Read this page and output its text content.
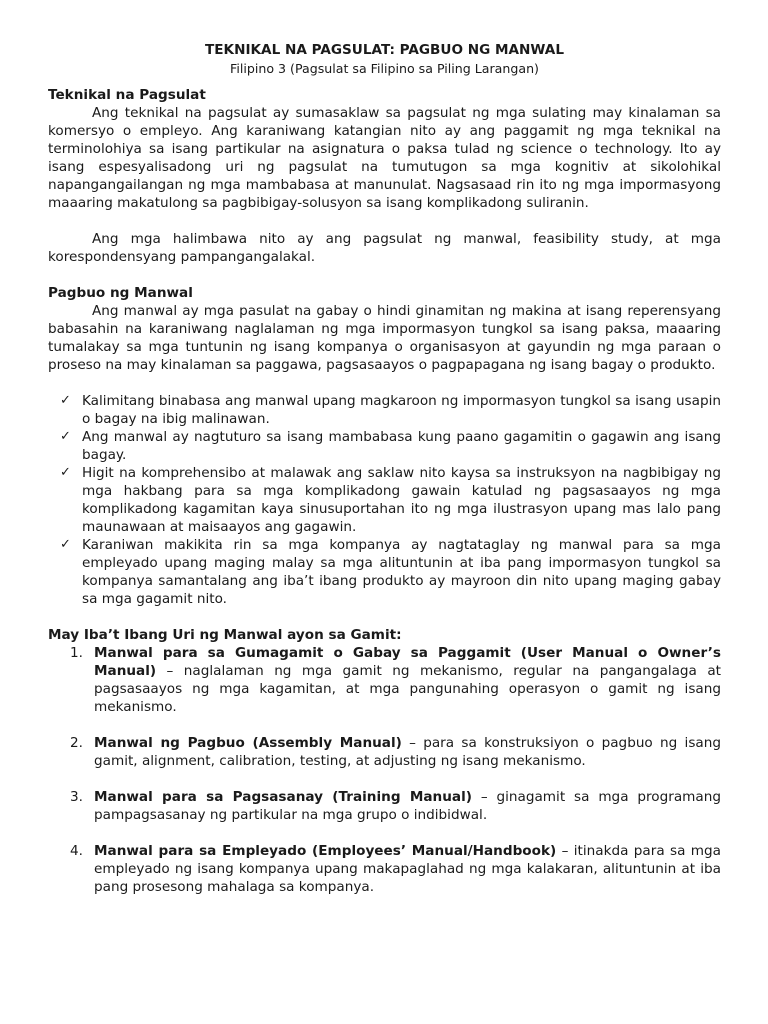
TEKNIKAL NA PAGSULAT: PAGBUO NG MANWAL

Filipino 3 (Pagsulat sa Filipino sa Piling Larangan)

Teknikal na Pagsulat

Ang teknikal na pagsulat ay sumasaklaw sa pagsulat ng mga sulating may kinalaman sa komersyo o empleyo. Ang karaniwang katangian nito ay ang paggamit ng mga teknikal na terminolohiya sa isang partikular na asignatura o paksa tulad ng science o technology. Ito ay isang espesyalisadong uri ng pagsulat na tumutugon sa mga kognitiv at sikolohikal napangangailangan ng mga mambabasa at manunulat. Nagsasaad rin ito ng mga impormasyong maaaring makatulong sa pagbibigay-solusyon sa isang komplikadong suliranin.

Ang mga halimbawa nito ay ang pagsulat ng manwal, feasibility study, at mga korespondensyang pampangangalakal.

Pagbuo ng Manwal

Ang manwal ay mga pasulat na gabay o hindi ginamitan ng makina at isang reperensyang babasahin na karaniwang naglalaman ng mga impormasyon tungkol sa isang paksa, maaaring tumalakay sa mga tuntunin ng isang kompanya o organisasyon at gayundin ng mga paraan o proseso na may kinalaman sa paggawa, pagsasaayos o pagpapagana ng isang bagay o produkto.

✓ Kalimitang binabasa ang manwal upang magkaroon ng impormasyon tungkol sa isang usapin o bagay na ibig malinawan.
✓ Ang manwal ay nagtuturo sa isang mambabasa kung paano gagamitin o gagawin ang isang bagay.
✓ Higit na komprehensibo at malawak ang saklaw nito kaysa sa instruksyon na nagbibigay ng mga hakbang para sa mga komplikadong gawain katulad ng pagsasaayos ng mga komplikadong kagamitan kaya sinusuportahan ito ng mga ilustrasyon upang mas lalo pang maunawaan at maisaayos ang gagawin.
✓ Karaniwan makikita rin sa mga kompanya ay nagtataglay ng manwal para sa mga empleyado upang maging malay sa mga alituntunin at iba pang impormasyon tungkol sa kompanya samantalang ang iba’t ibang produkto ay mayroon din nito upang maging gabay sa mga gagamit nito.

May Iba’t Ibang Uri ng Manwal ayon sa Gamit:

1. Manwal para sa Gumagamit o Gabay sa Paggamit (User Manual o Owner’s Manual) – naglalaman ng mga gamit ng mekanismo, regular na pangangalaga at pagsasaayos ng mga kagamitan, at mga pangunahing operasyon o gamit ng isang mekanismo.
2. Manwal ng Pagbuo (Assembly Manual) – para sa konstruksiyon o pagbuo ng isang gamit, alignment, calibration, testing, at adjusting ng isang mekanismo.
3. Manwal para sa Pagsasanay (Training Manual) – ginagamit sa mga programang pampagsasanay ng partikular na mga grupo o indibidwal.
4. Manwal para sa Empleyado (Employees’ Manual/Handbook) – itinakda para sa mga empleyado ng isang kompanya upang makapaglahad ng mga kalakaran, alituntunin at iba pang prosesong mahalaga sa kompanya.
